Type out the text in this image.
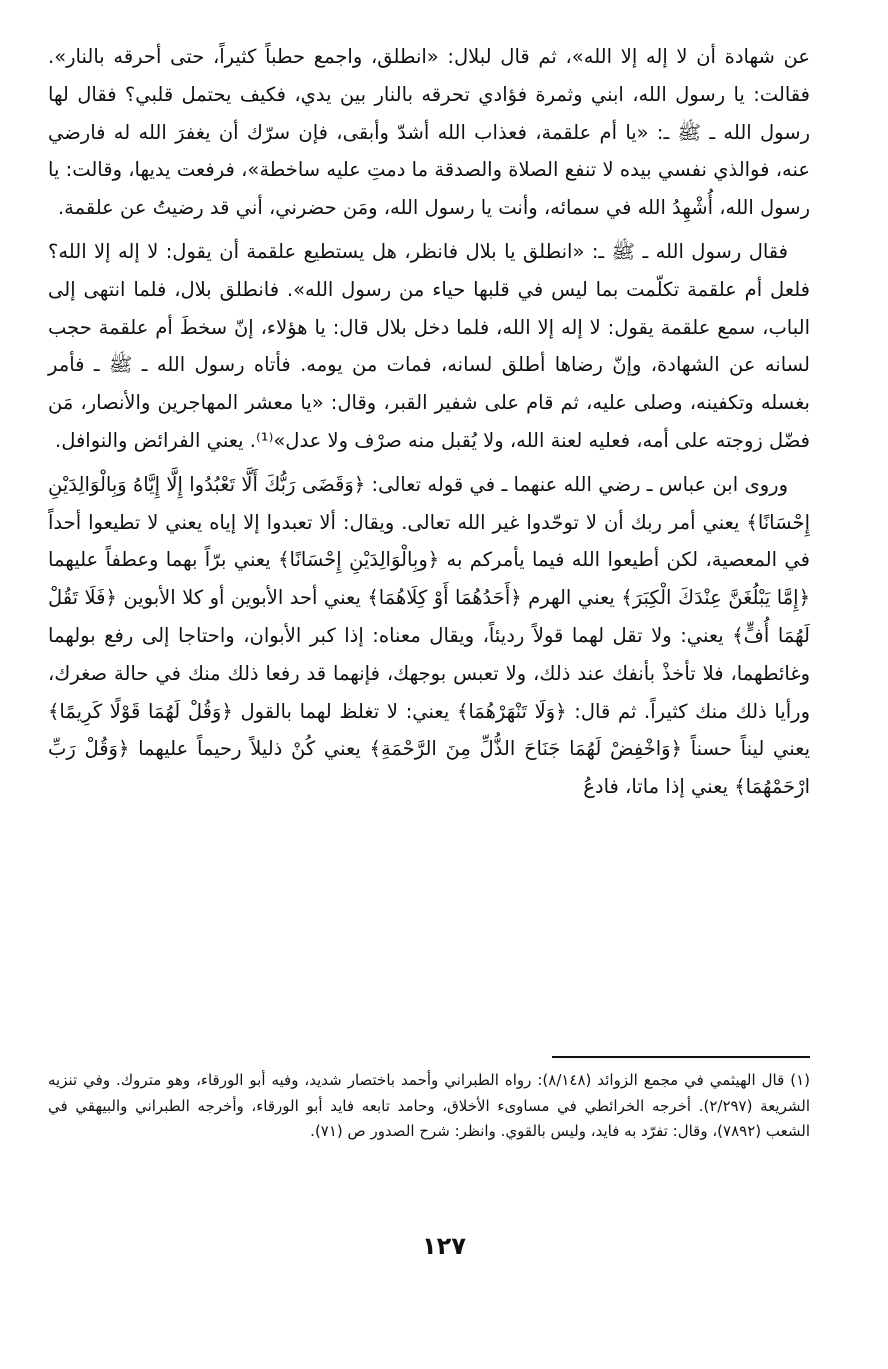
عن شهادة أن لا إله إلا الله»، ثم قال لبلال: «انطلق، واجمع حطباً كثيراً، حتى أحرقه بالنار». فقالت: يا رسول الله، ابني وثمرة فؤادي تحرقه بالنار بين يدي، فكيف يحتمل قلبي؟ فقال لها رسول الله ـ ﷺ ـ: «يا أم علقمة، فعذاب الله أشدّ وأبقى، فإن سرّك أن يغفرَ الله له فارضي عنه، فوالذي نفسي بيده لا تنفع الصلاة والصدقة ما دمتِ عليه ساخطة»، فرفعت يديها، وقالت: يا رسول الله، أُشْهِدُ الله في سمائه، وأنت يا رسول الله، ومَن حضرني، أني قد رضيتُ عن علقمة.

فقال رسول الله ـ ﷺ ـ: «انطلق يا بلال فانظر، هل يستطيع علقمة أن يقول: لا إله إلا الله؟ فلعل أم علقمة تكلّمت بما ليس في قلبها حياء من رسول الله». فانطلق بلال، فلما انتهى إلى الباب، سمع علقمة يقول: لا إله إلا الله، فلما دخل بلال قال: يا هؤلاء، إنّ سخطَ أم علقمة حجب لسانه عن الشهادة، وإنّ رضاها أطلق لسانه، فمات من يومه. فأتاه رسول الله ـ ﷺ ـ فأمر بغسله وتكفينه، وصلى عليه، ثم قام على شفير القبر، وقال: «يا معشر المهاجرين والأنصار، مَن فضّل زوجته على أمه، فعليه لعنة الله، ولا يُقبل منه صرْف ولا عدل»⁽¹⁾. يعني الفرائض والنوافل.

وروى ابن عباس ـ رضي الله عنهما ـ في قوله تعالى: ﴿وَقَضَى رَبُّكَ أَلَّا تَعْبُدُوا إِلَّا إِيَّاهُ وَبِالْوَالِدَيْنِ إِحْسَانًا﴾ يعني أمر ربك أن لا توحّدوا غير الله تعالى. ويقال: ألا تعبدوا إلا إياه يعني لا تطيعوا أحداً في المعصية، لكن أطيعوا الله فيما يأمركم به ﴿وبِالْوَالِدَيْنِ إِحْسَانًا﴾ يعني برّاً بهما وعطفاً عليهما ﴿إِمَّا يَبْلُغَنَّ عِنْدَكَ الْكِبَرَ﴾ يعني الهرم ﴿أَحَدُهُمَا أَوْ كِلَاهُمَا﴾ يعني أحد الأبوين أو كلا الأبوين ﴿فَلَا تَقُلْ لَهُمَا أُفٍّ﴾ يعني: ولا تقل لهما قولاً رديئاً، ويقال معناه: إذا كبر الأبوان، واحتاجا إلى رفع بولهما وغائطهما، فلا تأخذْ بأنفك عند ذلك، ولا تعبس بوجهك، فإنهما قد رفعا ذلك منك في حالة صغرك، ورأيا ذلك منك كثيراً. ثم قال: ﴿وَلَا تَنْهَرْهُمَا﴾ يعني: لا تغلظ لهما بالقول ﴿وَقُلْ لَهُمَا قَوْلًا كَرِيمًا﴾ يعني ليناً حسناً ﴿وَاخْفِضْ لَهُمَا جَنَاحَ الذُّلِّ مِنَ الرَّحْمَةِ﴾ يعني كُنْ ذليلاً رحيماً عليهما ﴿وَقُلْ رَبِّ ارْحَمْهُمَا﴾ يعني إذا ماتا، فادعُ

(١) قال الهيثمي في مجمع الزوائد (٨/١٤٨): رواه الطبراني وأحمد باختصار شديد، وفيه أبو الورقاء، وهو متروك. وفي تنزيه الشريعة (٢/٢٩٧). أخرجه الخرائطي في مساوىء الأخلاق، وحامد تابعه فايد أبو الورقاء، وأخرجه الطبراني والبيهقي في الشعب (٧٨٩٢)، وقال: تفرّد به فايد، وليس بالقوي. وانظر: شرح الصدور ص (٧١).

١٢٧
